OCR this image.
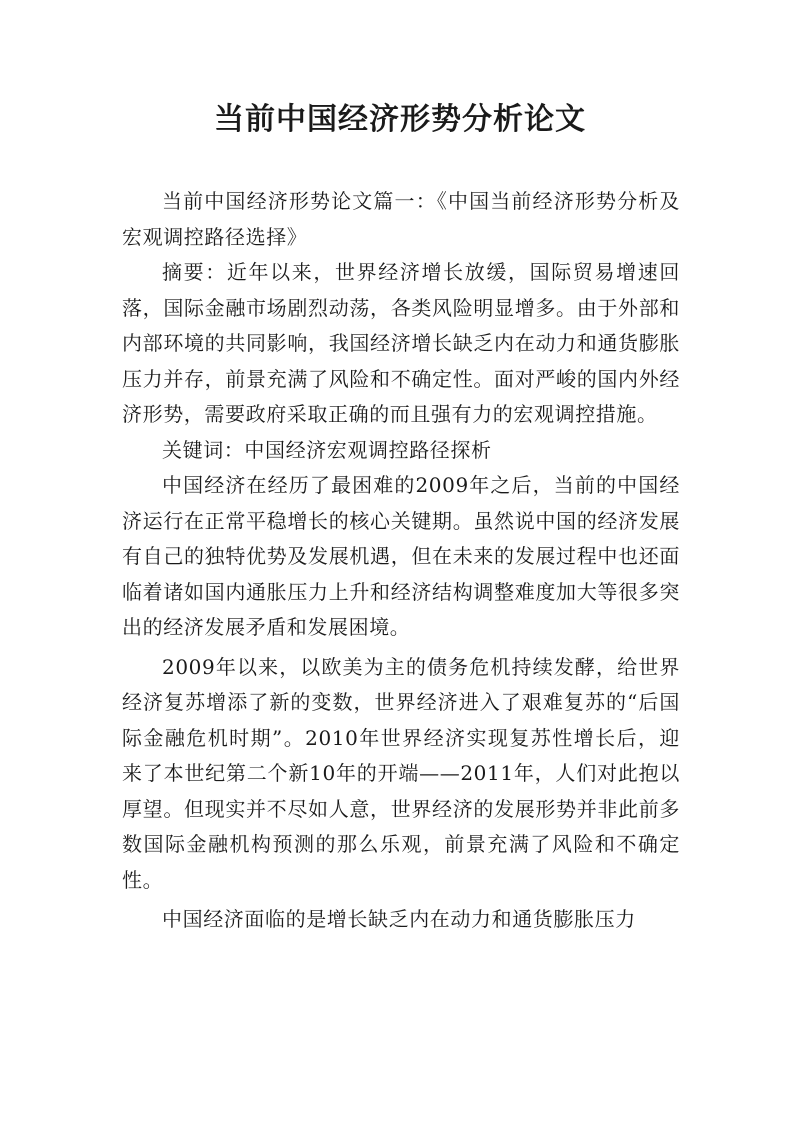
当前中国经济形势分析论文

当前中国经济形势论文篇一：《中国当前经济形势分析及宏观调控路径选择》

摘要：近年以来，世界经济增长放缓，国际贸易增速回落，国际金融市场剧烈动荡，各类风险明显增多。由于外部和内部环境的共同影响，我国经济增长缺乏内在动力和通货膨胀压力并存，前景充满了风险和不确定性。面对严峻的国内外经济形势，需要政府采取正确的而且强有力的宏观调控措施。

关键词：中国经济宏观调控路径探析

中国经济在经历了最困难的2009年之后，当前的中国经济运行在正常平稳增长的核心关键期。虽然说中国的经济发展有自己的独特优势及发展机遇，但在未来的发展过程中也还面临着诸如国内通胀压力上升和经济结构调整难度加大等很多突出的经济发展矛盾和发展困境。

2009年以来，以欧美为主的债务危机持续发酵，给世界经济复苏增添了新的变数，世界经济进入了艰难复苏的“后国际金融危机时期”。2010年世界经济实现复苏性增长后，迎来了本世纪第二个新10年的开端——2011年，人们对此抱以厚望。但现实并不尽如人意，世界经济的发展形势并非此前多数国际金融机构预测的那么乐观，前景充满了风险和不确定性。

中国经济面临的是增长缺乏内在动力和通货膨胀压力
